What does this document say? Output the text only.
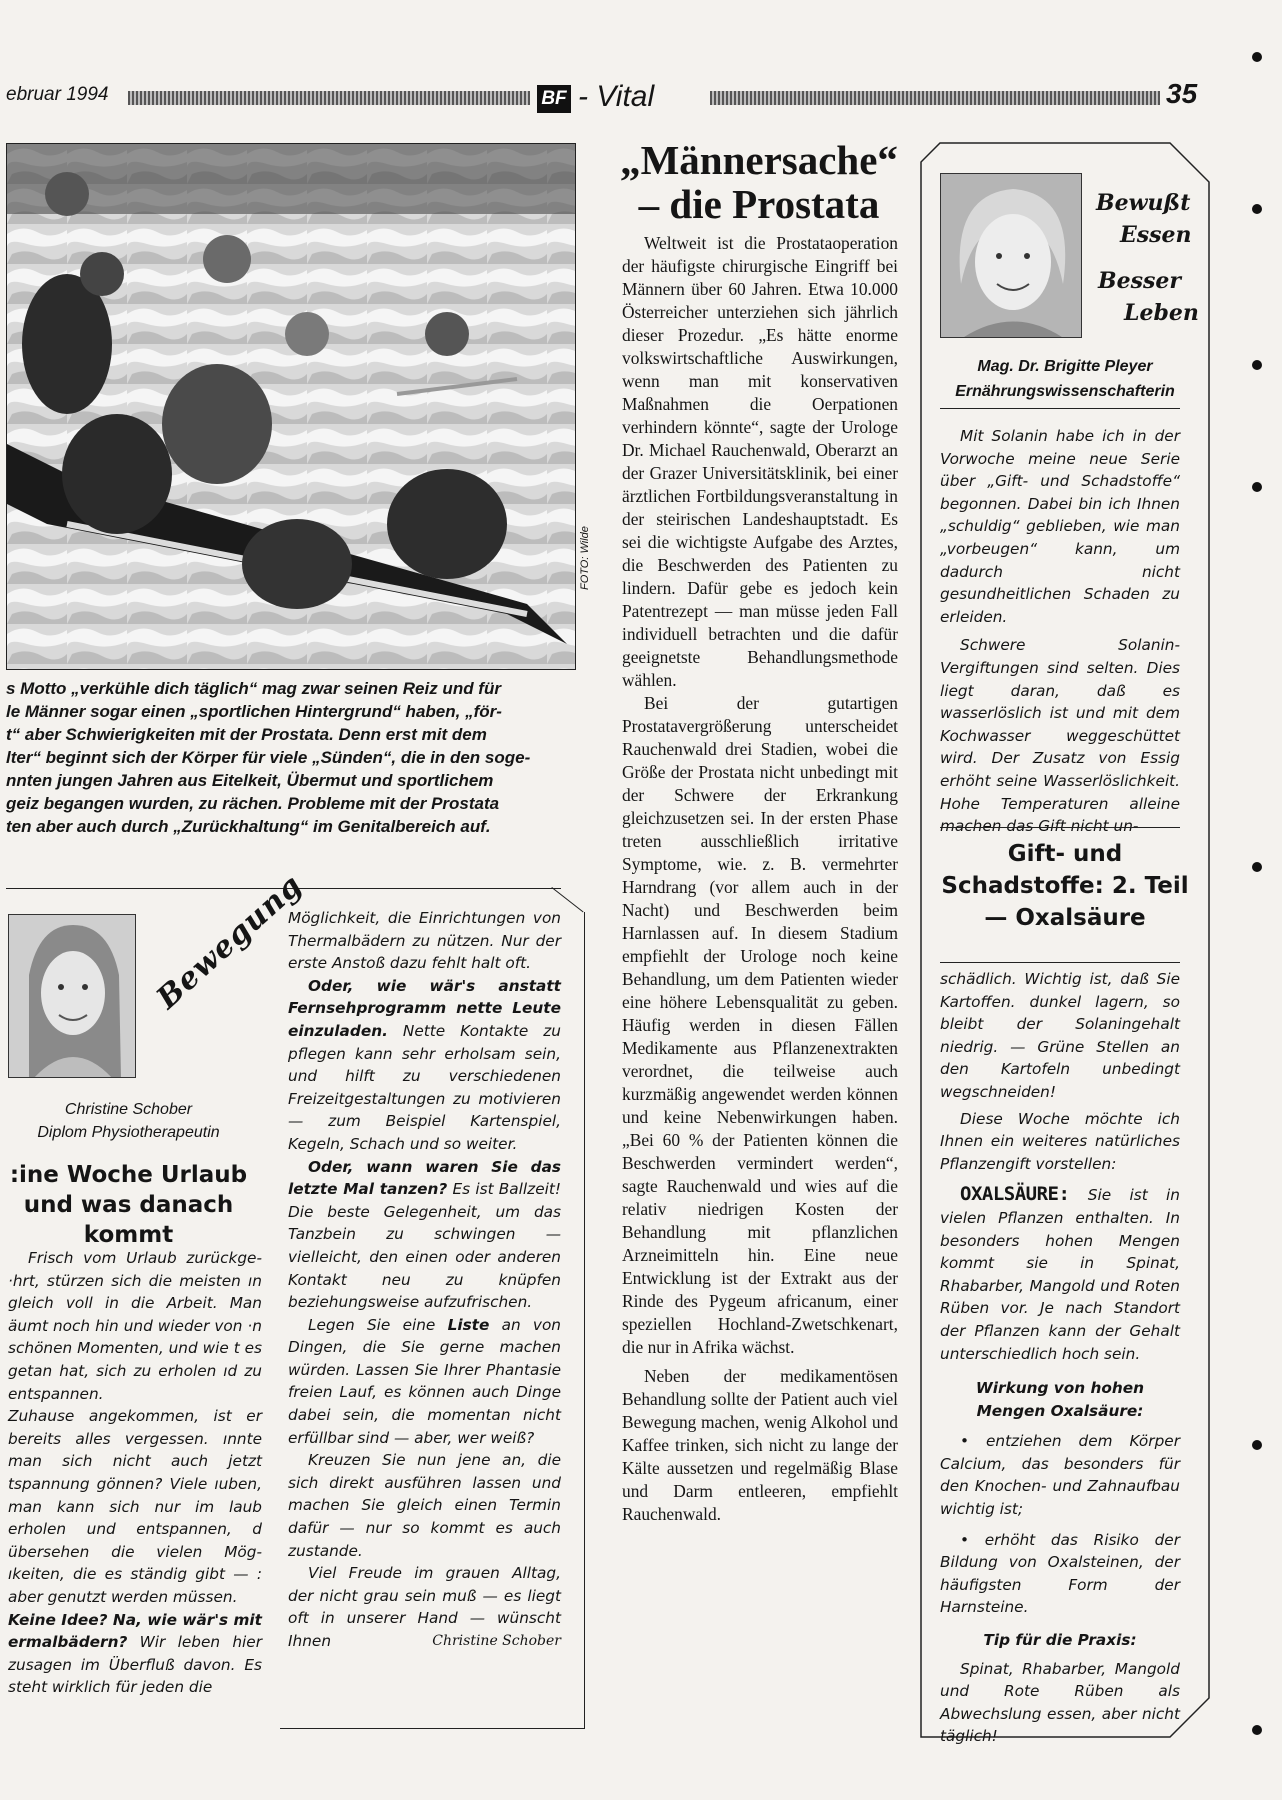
ebruar 1994	BF - Vital	35
FOTO: Wilde

s Motto „verkühle dich täglich“ mag zwar seinen Reiz und für

le Männer sogar einen „sportlichen Hintergrund“ haben, „för-

t“ aber Schwierigkeiten mit der Prostata. Denn erst mit dem

lter“ beginnt sich der Körper für viele „Sünden“, die in den soge-

nnten jungen Jahren aus Eitelkeit, Übermut und sportlichem

geiz begangen wurden, zu rächen. Probleme mit der Prostata

ten aber auch durch „Zurückhaltung“ im Genitalbereich auf.

Bewegung
Christine Schober
Diplom Physiotherapeutin
:ine Woche Urlaub und was danach kommt

Frisch vom Urlaub zurückge- ·hrt, stürzen sich die meisten ın gleich voll in die Arbeit. Man äumt noch hin und wieder von ·n schönen Momenten, und wie t es getan hat, sich zu erholen ıd zu entspannen.

Zuhause angekommen, ist er bereits alles vergessen. ınnte man sich nicht auch jetzt tspannung gönnen? Viele ıuben, man kann sich nur im laub erholen und entspannen, d übersehen die vielen Mög- ıkeiten, die es ständig gibt — : aber genutzt werden müssen.

Keine Idee? Na, wie wär's mit ermalbädern? Wir leben hier zusagen im Überfluß davon. Es steht wirklich für jeden die

Möglichkeit, die Einrichtungen von Thermalbädern zu nützen. Nur der erste Anstoß dazu fehlt halt oft.

Oder, wie wär's anstatt Fernsehprogramm nette Leute einzuladen. Nette Kontakte zu pflegen kann sehr erholsam sein, und hilft zu verschiedenen Freizeitgestaltungen zu motivieren — zum Beispiel Kartenspiel, Kegeln, Schach und so weiter.

Oder, wann waren Sie das letzte Mal tanzen? Es ist Ballzeit! Die beste Gelegenheit, um das Tanzbein zu schwingen — vielleicht, den einen oder anderen Kontakt neu zu knüpfen beziehungsweise aufzufrischen.

Legen Sie eine Liste an von Dingen, die Sie gerne machen würden. Lassen Sie Ihrer Phantasie freien Lauf, es können auch Dinge dabei sein, die momentan nicht erfüllbar sind — aber, wer weiß?

Kreuzen Sie nun jene an, die sich direkt ausführen lassen und machen Sie gleich einen Termin dafür — nur so kommt es auch zustande.

Viel Freude im grauen Alltag, der nicht grau sein muß — es liegt oft in unserer Hand — wünscht Ihnen	Christine Schober

„Männersache“
– die Prostata

Weltweit ist die Prostataoperation der häufigste chirurgische Eingriff bei Männern über 60 Jahren. Etwa 10.000 Österreicher unterziehen sich jährlich dieser Prozedur. „Es hätte enorme volkswirtschaftliche Auswirkungen, wenn man mit konservativen Maßnahmen die Oerpationen verhindern könnte“, sagte der Urologe Dr. Michael Rauchenwald, Oberarzt an der Grazer Universitätsklinik, bei einer ärztlichen Fortbildungsveranstaltung in der steirischen Landeshauptstadt. Es sei die wichtigste Aufgabe des Arztes, die Beschwerden des Patienten zu lindern. Dafür gebe es jedoch kein Patentrezept — man müsse jeden Fall individuell betrachten und die dafür geeignetste Behandlungsmethode wählen.

Bei der gutartigen Prostatavergrößerung unterscheidet Rauchenwald drei Stadien, wobei die Größe der Prostata nicht unbedingt mit der Schwere der Erkrankung gleichzusetzen sei. In der ersten Phase treten ausschließlich irritative Symptome, wie. z. B. vermehrter Harndrang (vor allem auch in der Nacht) und Beschwerden beim Harnlassen auf. In diesem Stadium empfiehlt der Urologe noch keine Behandlung, um dem Patienten wieder eine höhere Lebensqualität zu geben. Häufig werden in diesen Fällen Medikamente aus Pflanzenextrakten verordnet, die teilweise auch kurzmäßig angewendet werden können und keine Nebenwirkungen haben. „Bei 60 % der Patienten können die Beschwerden vermindert werden“, sagte Rauchenwald und wies auf die relativ niedrigen Kosten der Behandlung mit pflanzlichen Arzneimitteln hin. Eine neue Entwicklung ist der Extrakt aus der Rinde des Pygeum africanum, einer speziellen Hochland-Zwetschkenart, die nur in Afrika wächst.

Neben der medikamentösen Behandlung sollte der Patient auch viel Bewegung machen, wenig Alkohol und Kaffee trinken, sich nicht zu lange der Kälte aussetzen und regelmäßig Blase und Darm entleeren, empfiehlt Rauchenwald.

Bewußt
Essen
Besser
Leben
Mag. Dr. Brigitte Pleyer
Ernährungswissenschafterin

Mit Solanin habe ich in der Vorwoche meine neue Serie über „Gift- und Schadstoffe“ begonnen. Dabei bin ich Ihnen „schuldig“ geblieben, wie man „vorbeugen“ kann, um dadurch nicht gesundheitlichen Schaden zu erleiden.

Schwere Solanin-Vergiftungen sind selten. Dies liegt daran, daß es wasserlöslich ist und mit dem Kochwasser weggeschüttet wird. Der Zusatz von Essig erhöht seine Wasserlöslichkeit. Hohe Temperaturen alleine machen das Gift nicht un-

Gift- und Schadstoffe: 2. Teil — Oxalsäure

schädlich. Wichtig ist, daß Sie Kartoffen. dunkel lagern, so bleibt der Solaningehalt niedrig. — Grüne Stellen an den Kartofeln unbedingt wegschneiden!

Diese Woche möchte ich Ihnen ein weiteres natürliches Pflanzengift vorstellen:

OXALSÄURE: Sie ist in vielen Pflanzen enthalten. In besonders hohen Mengen kommt sie in Spinat, Rhabarber, Mangold und Roten Rüben vor. Je nach Standort der Pflanzen kann der Gehalt unterschiedlich hoch sein.

Wirkung von hohen Mengen Oxalsäure:

• entziehen dem Körper Calcium, das besonders für den Knochen- und Zahnaufbau wichtig ist;

• erhöht das Risiko der Bildung von Oxalsteinen, der häufigsten Form der Harnsteine.

Tip für die Praxis:

Spinat, Rhabarber, Mangold und Rote Rüben als Abwechslung essen, aber nicht täglich!
